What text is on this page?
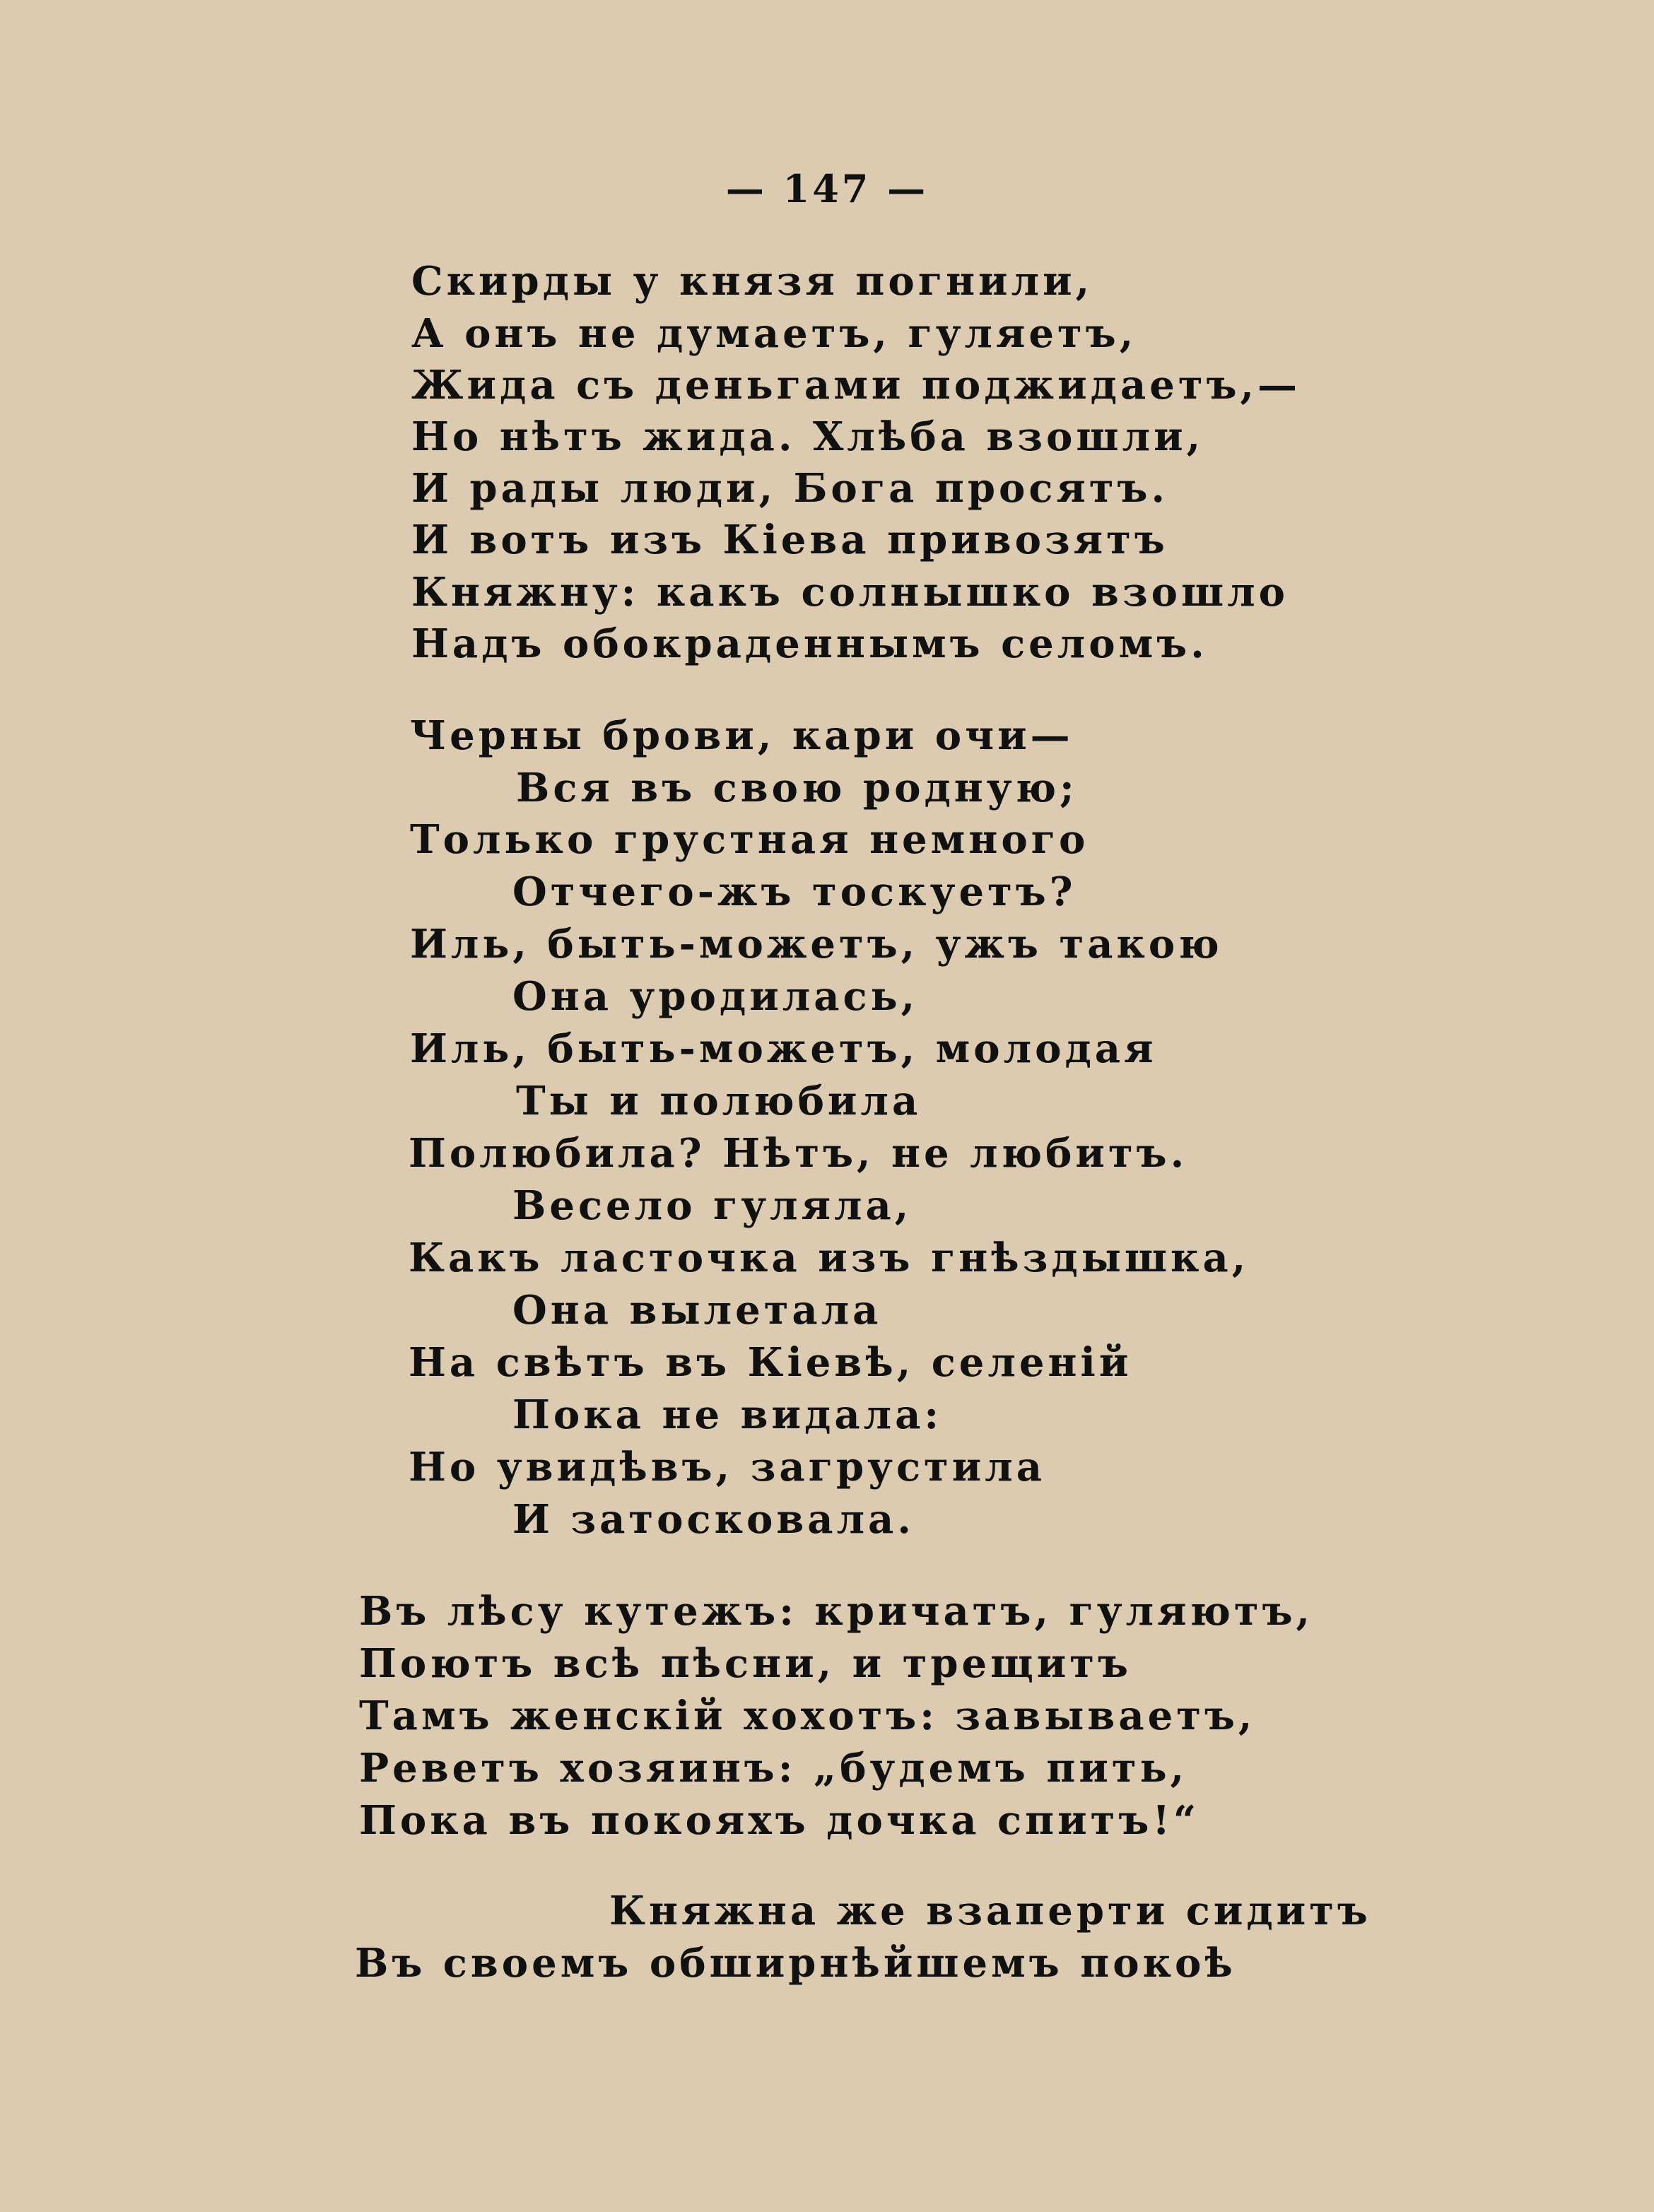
— 147 —
Скирды у князя погнили,
А онъ не думаетъ, гуляетъ,
Жида съ деньгами поджидаетъ,—
Но нѣтъ жида. Хлѣба взошли,
И рады люди, Бога просятъ.
И вотъ изъ Кіева привозятъ
Княжну: какъ солнышко взошло
Надъ обокраденнымъ селомъ.
Черны брови, кари очи—
Вся въ свою родную;
Только грустная немного
Отчего-жъ тоскуетъ?
Иль, быть-можетъ, ужъ такою
Она уродилась,
Иль, быть-можетъ, молодая
Ты и полюбила
Полюбила? Нѣтъ, не любитъ.
Весело гуляла,
Какъ ласточка изъ гнѣздышка,
Она вылетала
На свѣтъ въ Кіевѣ, селеній
Пока не видала:
Но увидѣвъ, загрустила
И затосковала.
Въ лѣсу кутежъ: кричатъ, гуляютъ,
Поютъ всѣ пѣсни, и трещитъ
Тамъ женскій хохотъ: завываетъ,
Реветъ хозяинъ: „будемъ пить,
Пока въ покояхъ дочка спитъ!“
Княжна же взаперти сидитъ
Въ своемъ обширнѣйшемъ покоѣ
